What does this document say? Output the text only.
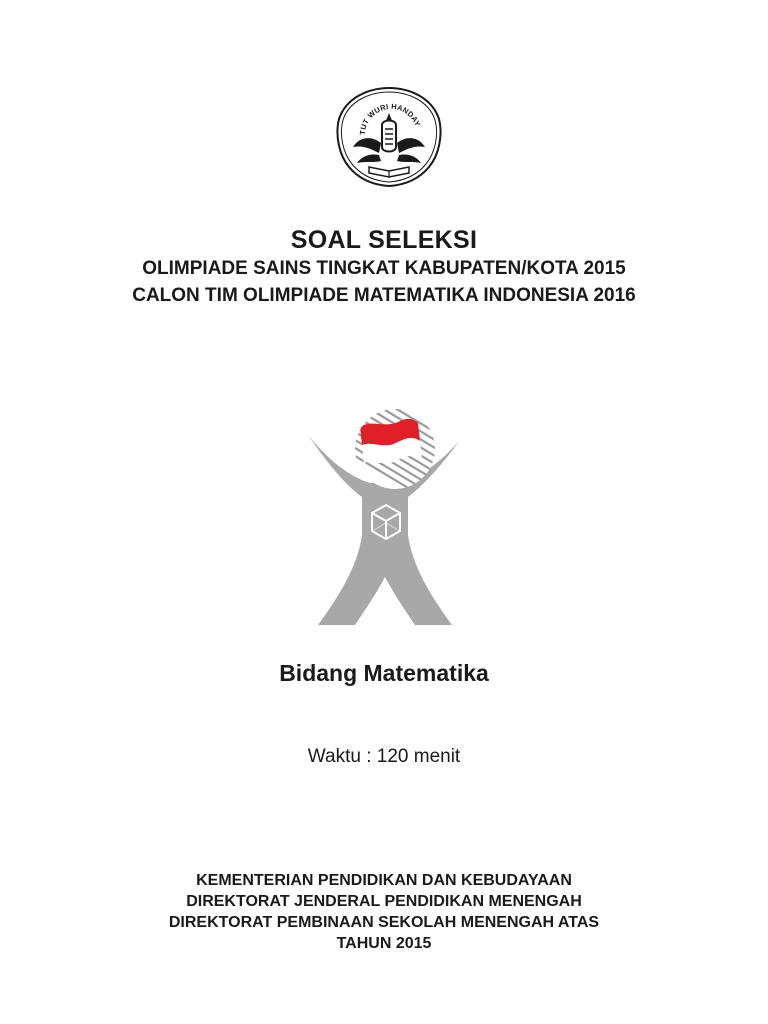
TUT WURI HANDAY
SOAL SELEKSI
OLIMPIADE SAINS TINGKAT KABUPATEN/KOTA 2015
CALON TIM OLIMPIADE MATEMATIKA INDONESIA 2016
Bidang Matematika
Waktu : 120 menit
KEMENTERIAN PENDIDIKAN DAN KEBUDAYAAN
DIREKTORAT JENDERAL PENDIDIKAN MENENGAH
DIREKTORAT PEMBINAAN SEKOLAH MENENGAH ATAS
TAHUN 2015
